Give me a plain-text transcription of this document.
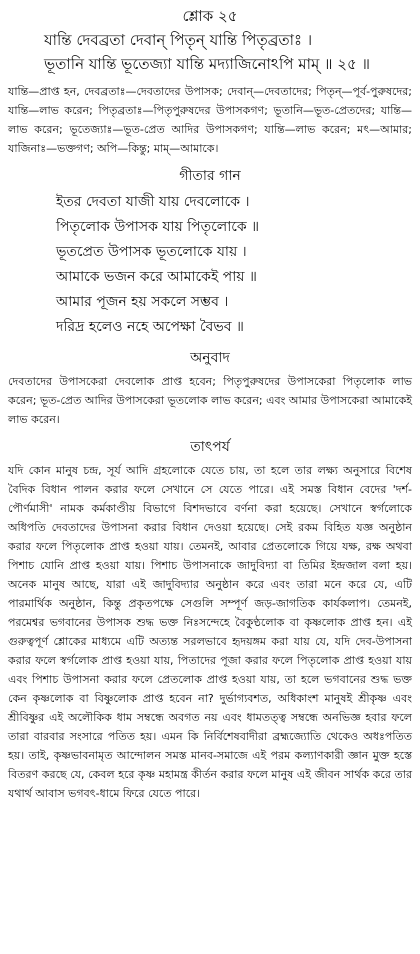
শ্লোক ২৫
যান্তি দেবব্রতা দেবান্ পিতৃন্ যান্তি পিতৃব্রতাঃ ।
ভূতানি যান্তি ভূতেজ্যা যান্তি মদ্যাজিনোঽপি মাম্ ॥ ২৫ ॥

যান্তি—প্রাপ্ত হন, দেবব্রতাঃ—দেবতাদের উপাসক; দেবান্—দেবতাদের; পিতৃন্—পূর্ব-পুরুষদের; যান্তি—লাভ করেন; পিতৃব্রতাঃ—পিতৃপুরুষদের উপাসকগণ; ভূতানি—ভূত-প্রেতদের; যান্তি—লাভ করেন; ভূতেজ্যাঃ—ভূত-প্রেত আদির উপাসকগণ; যান্তি—লাভ করেন; মৎ—আমার; যাজিনাঃ—ভক্তগণ; অপি—কিন্তু; মাম্—আমাকে।

গীতার গান
ইতর দেবতা যাজী যায় দেবলোকে ।
পিতৃলোক উপাসক যায় পিতৃলোকে ॥
ভূতপ্রেত উপাসক ভূতলোকে যায় ।
আমাকে ভজন করে আমাকেই পায় ॥
আমার পূজন হয় সকলে সম্ভব ।
দরিদ্র হলেও নহে অপেক্ষা বৈভব ॥
অনুবাদ

দেবতাদের উপাসকেরা দেবলোক প্রাপ্ত হবেন; পিতৃপুরুষদের উপাসকেরা পিতৃলোক লাভ করেন; ভূত-প্রেত আদির উপাসকেরা ভূতলোক লাভ করেন; এবং আমার উপাসকেরা আমাকেই লাভ করেন।

তাৎপর্য

যদি কোন মানুষ চন্দ্র, সূর্য আদি গ্রহলোকে যেতে চায়, তা হলে তার লক্ষ্য অনুসারে বিশেষ বৈদিক বিধান পালন করার ফলে সেখানে সে যেতে পারে। এই সমস্ত বিধান বেদের 'দর্শ-পৌর্ণমাসী' নামক কর্মকাণ্ডীয় বিভাগে বিশদভাবে বর্ণনা করা হয়েছে। সেখানে স্বর্গলোকে অধিপতি দেবতাদের উপাসনা করার বিধান দেওয়া হয়েছে। সেই রকম বিহিত যজ্ঞ অনুষ্ঠান করার ফলে পিতৃলোক প্রাপ্ত হওয়া যায়। তেমনই, আবার প্রেতলোকে গিয়ে যক্ষ, রক্ষ অথবা পিশাচ যোনি প্রাপ্ত হওয়া যায়। পিশাচ উপাসনাকে জাদুবিদ্যা বা তিমির ইন্দ্রজাল বলা হয়। অনেক মানুষ আছে, যারা এই জাদুবিদ্যার অনুষ্ঠান করে এবং তারা মনে করে যে, এটি পারমার্থিক অনুষ্ঠান, কিন্তু প্রকৃতপক্ষে সেগুলি সম্পূর্ণ জড়-জাগতিক কার্যকলাপ। তেমনই, পরমেশ্বর ভগবানের উপাসক শুদ্ধ ভক্ত নিঃসন্দেহে বৈকুণ্ঠলোক বা কৃষ্ণলোক প্রাপ্ত হন। এই গুরুত্বপূর্ণ শ্লোকের মাধ্যমে এটি অত্যন্ত সরলভাবে হৃদয়ঙ্গম করা যায় যে, যদি দেব-উপাসনা করার ফলে স্বর্গলোক প্রাপ্ত হওয়া যায়, পিতাদের পূজা করার ফলে পিতৃলোক প্রাপ্ত হওয়া যায় এবং পিশাচ উপাসনা করার ফলে প্রেতলোক প্রাপ্ত হওয়া যায়, তা হলে ভগবানের শুদ্ধ ভক্ত কেন কৃষ্ণলোক বা বিষ্ণুলোক প্রাপ্ত হবেন না? দুর্ভাগ্যবশত, অধিকাংশ মানুষই শ্রীকৃষ্ণ এবং শ্রীবিষ্ণুর এই অলৌকিক ধাম সম্বন্ধে অবগত নয় এবং ধামতত্ত্ব সম্বন্ধে অনভিজ্ঞ হবার ফলে তারা বারবার সংসারে পতিত হয়। এমন কি নির্বিশেষবাদীরা ব্রহ্মজ্যোতি থেকেও অধঃপতিত হয়। তাই, কৃষ্ণভাবনামৃত আন্দোলন সমস্ত মানব-সমাজে এই পরম কল্যাণকারী জ্ঞান মুক্ত হস্তে বিতরণ করছে যে, কেবল হরে কৃষ্ণ মহামন্ত্র কীর্তন করার ফলে মানুষ এই জীবন সার্থক করে তার যথার্থ আবাস ভগবৎ-ধামে ফিরে যেতে পারে।
